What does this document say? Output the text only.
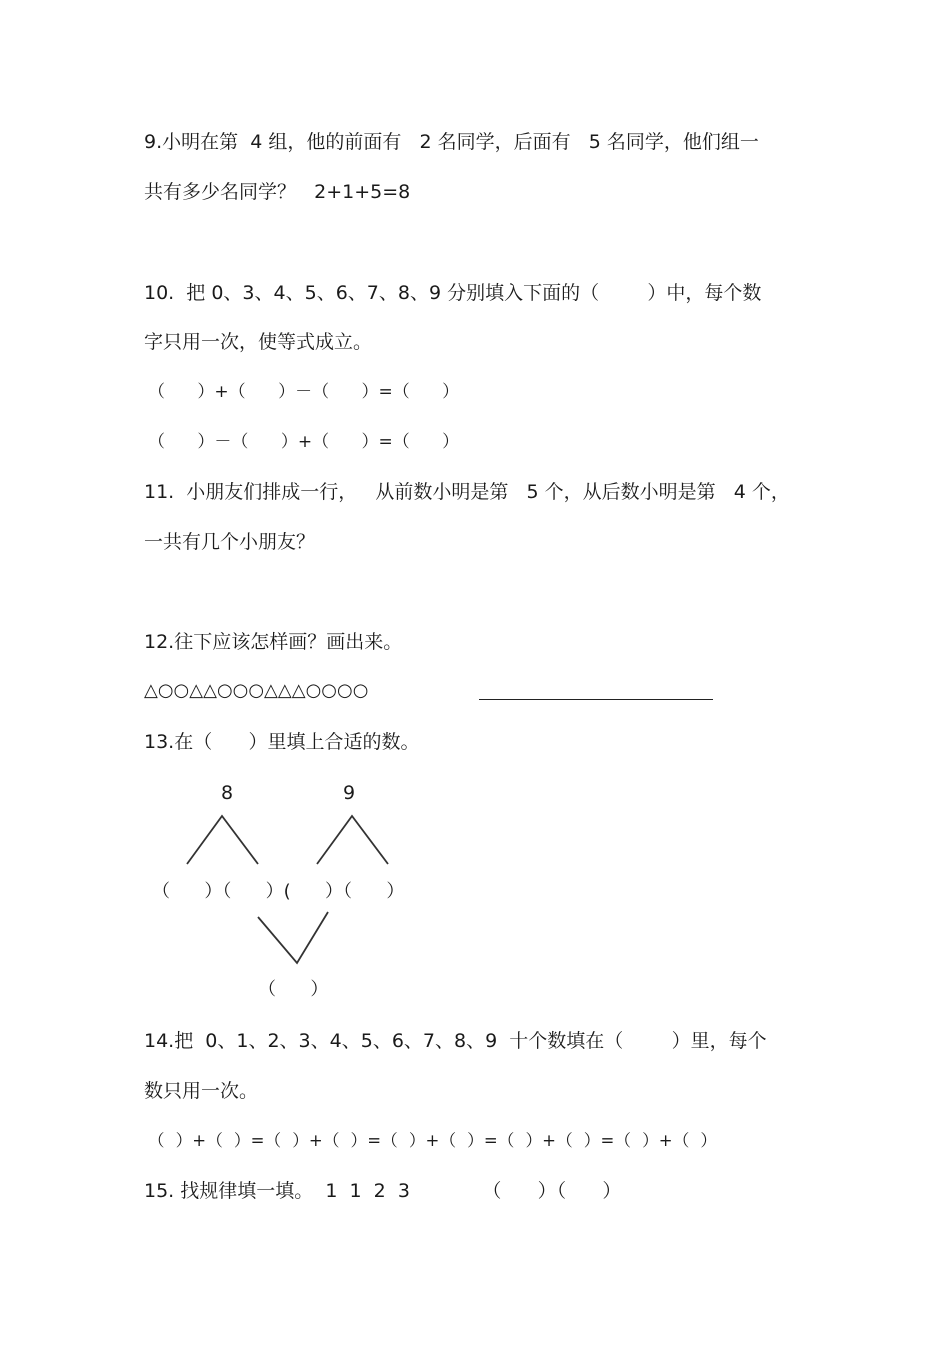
9.小明在第  4 组，他的前面有   2 名同学，后面有   5 名同学，他们组一
共有多少名同学？   2+1+5=8
10.  把 0、3、4、5、6、7、8、9 分别填入下面的（        ）中，每个数
字只用一次，使等式成立。
（      ）+（      ）－（      ）=（      ）
（      ）－（      ）+（      ）=（      ）
11.  小朋友们排成一行，   从前数小明是第   5 个，从后数小明是第   4 个，
一共有几个小朋友？
12.往下应该怎样画？画出来。
△○○△△○○○△△△○○○○
13.在（      ）里填上合适的数。
8	9
（      ）（      ）(      ）（      ）
（      ）
14.把  0、1、2、3、4、5、6、7、8、9  十个数填在（        ）里，每个
数只用一次。
（  ）+（  ）=（  ）+（  ）=（  ）+（  ）=（  ）+（  ）=（  ）+（  ）
15. 找规律填一填。  1  1  2  3            （      ）（      ）
